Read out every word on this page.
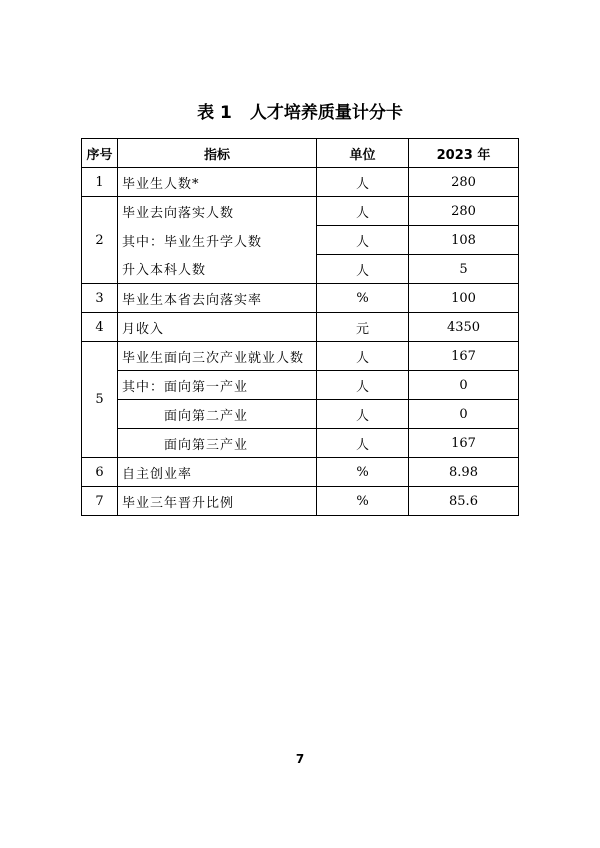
表 1 人才培养质量计分卡
序号	指标	单位	2023 年
1	毕业生人数*	人	280
2	毕业去向落实人数	人	280
	其中：毕业生升学人数	人	108
	升入本科人数	人	5
3	毕业生本省去向落实率	%	100
4	月收入	元	4350
5	毕业生面向三次产业就业人数	人	167
	其中：面向第一产业	人	0
	面向第二产业	人	0
	面向第三产业	人	167
6	自主创业率	%	8.98
7	毕业三年晋升比例	%	85.6
7
